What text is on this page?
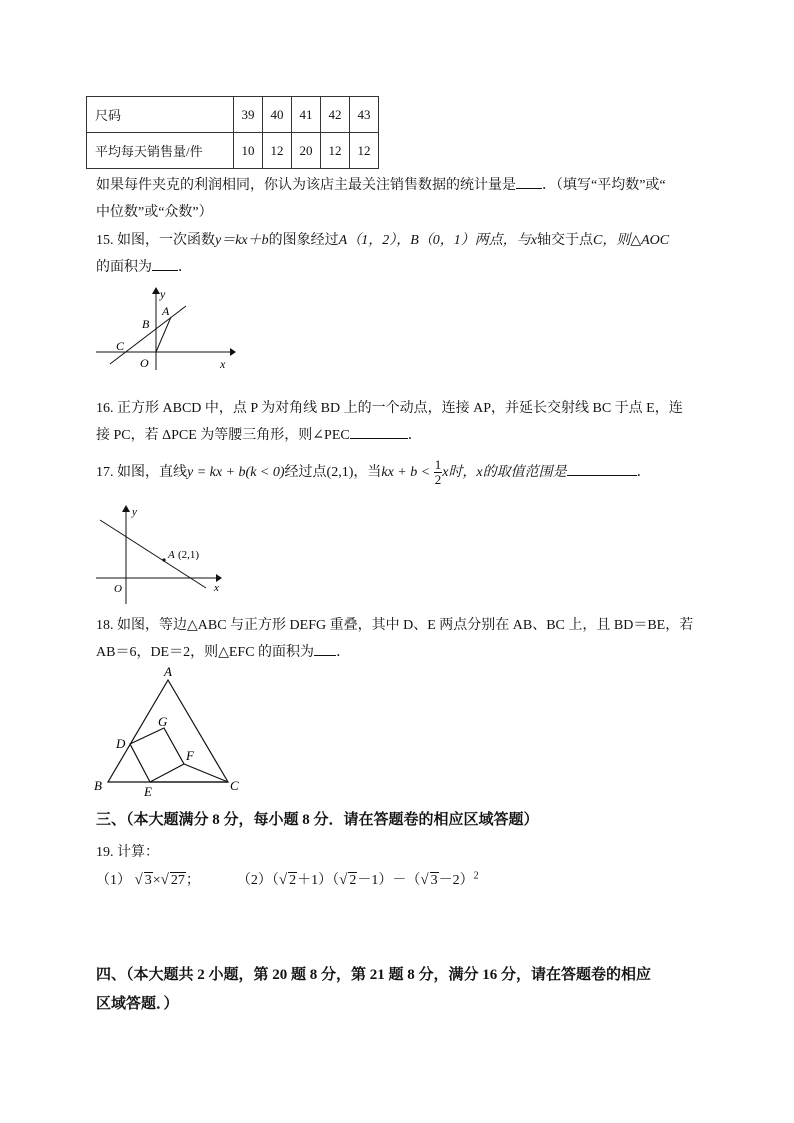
尺码	39	40	41	42	43
平均每天销售量/件	10	12	20	12	12
如果每件夹克的利润相同，你认为该店主最关注销售数据的统计量是 ．（填写“平均数”或“
中位数”或“众数”）
15. 如图，一次函数y＝kx＋b的图象经过A（1，2），B（0，1）两点，与x轴交于点C，则△AOC
的面积为 ．
y
x
A
B
C
O
16. 正方形 ABCD 中，点 P 为对角线 BD 上的一个动点，连接 AP，并延长交射线 BC 于点 E，连
接 PC，若 ΔPCE 为等腰三角形，则∠PEC	．
17. 如图，直线y = kx + b(k < 0)经过点(2,1)，当kx + $b < \frac{1}{2}$ x时，x的取值范围是	．
y
x
O
A (2,1)
18. 如图，等边△ABC 与正方形 DEFG 重叠，其中 D、E 两点分别在 AB、BC 上，且 BD＝BE，若
AB＝6，DE＝2，则△EFC 的面积为 ．
A
B	C
D
E
F
G
三、（本大题满分 8 分，每小题 8 分．请在答题卷的相应区域答题）
19. 计算：
（1） √ 3×√ 27；	（2）（√ 2＋1）（√ 2－1）－（√ 3－2）$^2$
四、（本大题共 2 小题，第 20 题 8 分，第 21 题 8 分，满分 16 分，请在答题卷的相应
区域答题．）
